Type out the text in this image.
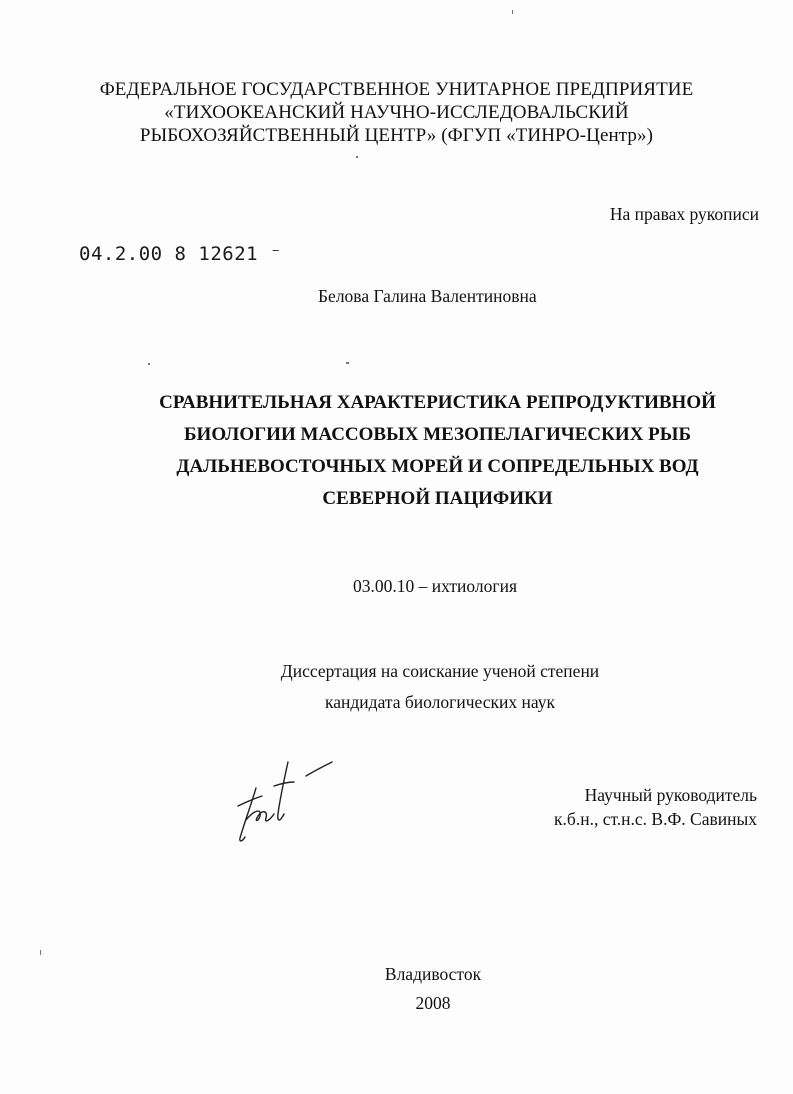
ФЕДЕРАЛЬНОЕ ГОСУДАРСТВЕННОЕ УНИТАРНОЕ ПРЕДПРИЯТИЕ
«ТИХООКЕАНСКИЙ НАУЧНО-ИССЛЕДОВАЛЬСКИЙ
РЫБОХОЗЯЙСТВЕННЫЙ ЦЕНТР» (ФГУП «ТИНРО-Центр»)
На правах рукописи
04.2.00 8 12621 ⁻
Белова Галина Валентиновна
СРАВНИТЕЛЬНАЯ ХАРАКТЕРИСТИКА РЕПРОДУКТИВНОЙ
БИОЛОГИИ МАССОВЫХ МЕЗОПЕЛАГИЧЕСКИХ РЫБ
ДАЛЬНЕВОСТОЧНЫХ МОРЕЙ И СОПРЕДЕЛЬНЫХ ВОД
СЕВЕРНОЙ ПАЦИФИКИ
03.00.10 – ихтиология
Диссертация на соискание ученой степени
кандидата биологических наук
Научный руководитель
к.б.н., ст.н.с. В.Ф. Савиных
Владивосток
2008
